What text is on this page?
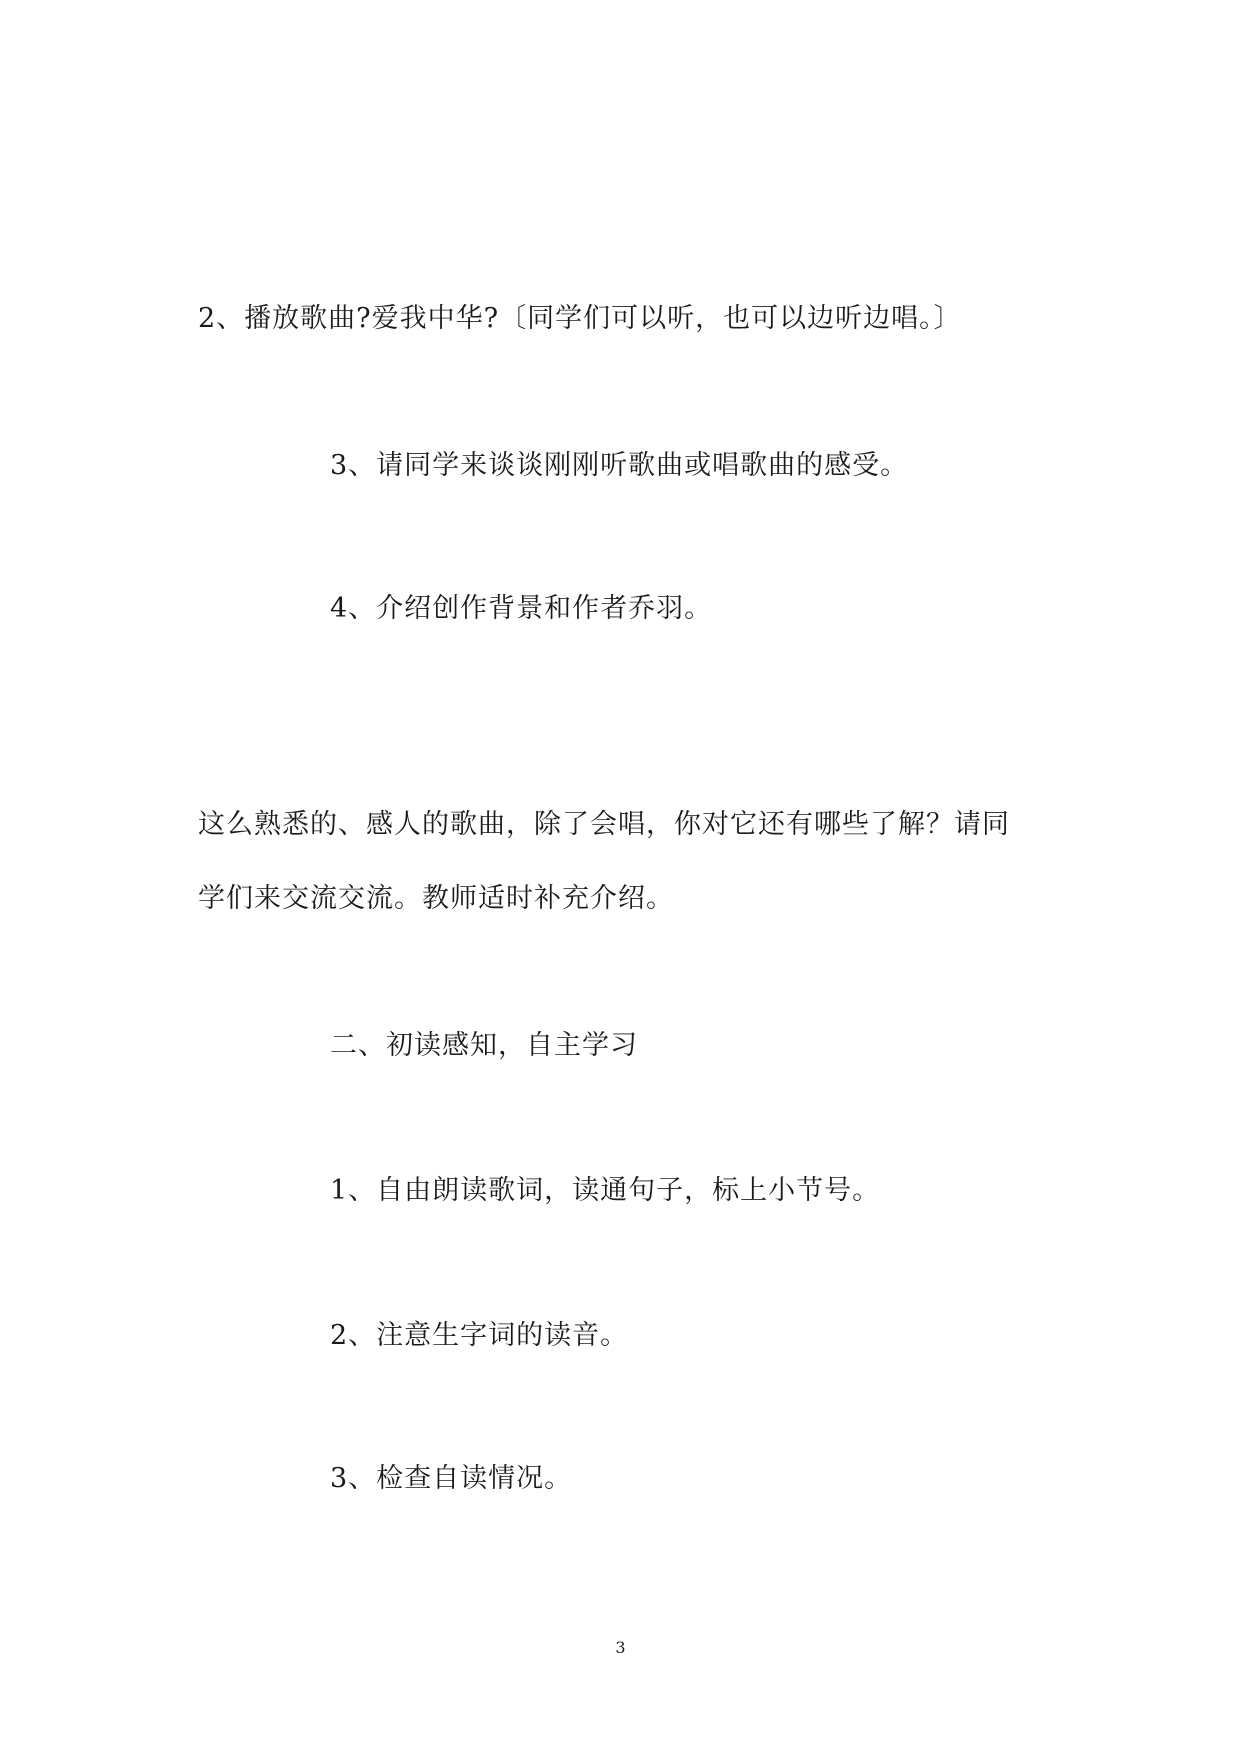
2、播放歌曲?爱我中华?〔同学们可以听，也可以边听边唱。〕
3、请同学来谈谈刚刚听歌曲或唱歌曲的感受。
4、介绍创作背景和作者乔羽。
这么熟悉的、感人的歌曲，除了会唱，你对它还有哪些了解？请同
学们来交流交流。教师适时补充介绍。
二、初读感知，自主学习
1、自由朗读歌词，读通句子，标上小节号。
2、注意生字词的读音。
3、检查自读情况。
3
